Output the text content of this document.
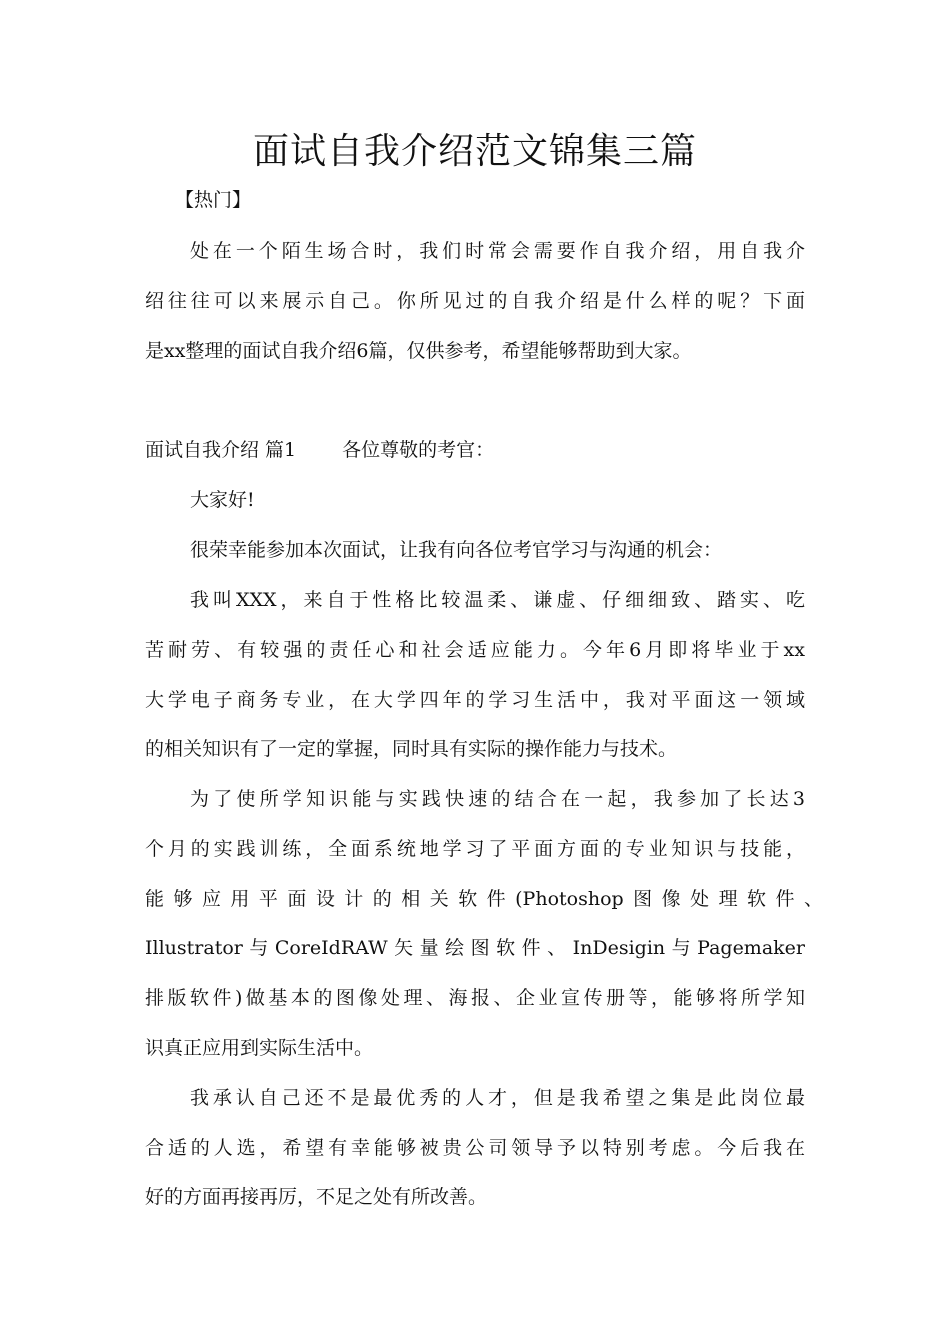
面试自我介绍范文锦集三篇
【热门】
处在一个陌生场合时，我们时常会需要作自我介绍，用自我介
绍往往可以来展示自己。你所见过的自我介绍是什么样的呢？下面
是xx整理的面试自我介绍6篇，仅供参考，希望能够帮助到大家。
面试自我介绍 篇1 各位尊敬的考官：
大家好!
很荣幸能参加本次面试，让我有向各位考官学习与沟通的机会：
我叫XXX，来自于性格比较温柔、谦虚、仔细细致、踏实、吃
苦耐劳、有较强的责任心和社会适应能力。今年6月即将毕业于xx
大学电子商务专业，在大学四年的学习生活中，我对平面这一领域
的相关知识有了一定的掌握，同时具有实际的操作能力与技术。
为了使所学知识能与实践快速的结合在一起，我参加了长达3
个月的实践训练，全面系统地学习了平面方面的专业知识与技能，
能够应用平面设计的相关软件(Photoshop图像处理软件、
Illustrator与CoreIdRAW矢量绘图软件、InDesigin与Pagemaker
排版软件)做基本的图像处理、海报、企业宣传册等，能够将所学知
识真正应用到实际生活中。
我承认自己还不是最优秀的人才，但是我希望之集是此岗位最
合适的人选，希望有幸能够被贵公司领导予以特别考虑。今后我在
好的方面再接再厉，不足之处有所改善。
